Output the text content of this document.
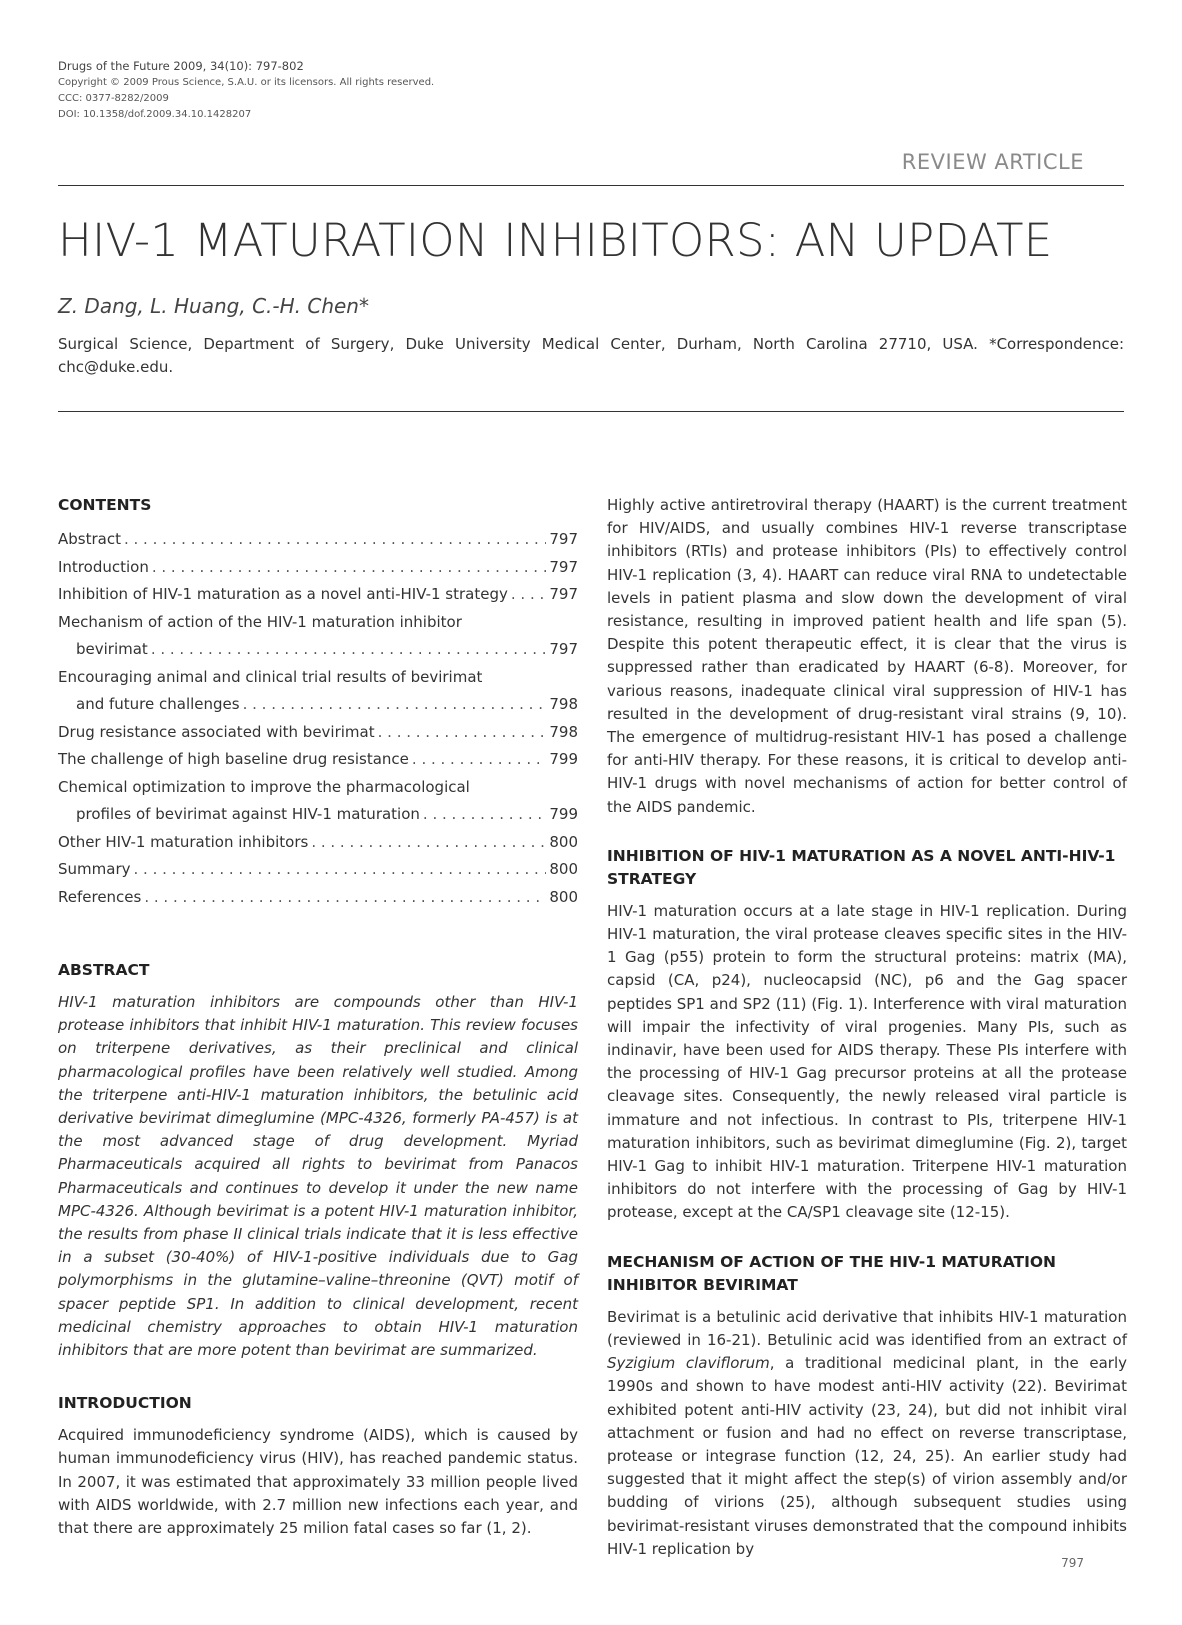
Drugs of the Future 2009, 34(10): 797-802
Copyright © 2009 Prous Science, S.A.U. or its licensors. All rights reserved.
CCC: 0377-8282/2009
DOI: 10.1358/dof.2009.34.10.1428207
REVIEW ARTICLE
HIV-1 MATURATION INHIBITORS: AN UPDATE
Z. Dang, L. Huang, C.-H. Chen*
Surgical Science, Department of Surgery, Duke University Medical Center, Durham, North Carolina 27710, USA. *Correspondence: chc@duke.edu.
CONTENTS
Abstract . . .	797
Introduction . . .	797
Inhibition of HIV-1 maturation as a novel anti-HIV-1 strategy . . .	797
Mechanism of action of the HIV-1 maturation inhibitor
bevirimat . . .	797
Encouraging animal and clinical trial results of bevirimat
and future challenges . . .	798
Drug resistance associated with bevirimat . . .	798
The challenge of high baseline drug resistance . . .	799
Chemical optimization to improve the pharmacological
profiles of bevirimat against HIV-1 maturation . . .	799
Other HIV-1 maturation inhibitors . . .	800
Summary . . .	800
References . . .	800
ABSTRACT

HIV-1 maturation inhibitors are compounds other than HIV-1 protease inhibitors that inhibit HIV-1 maturation. This review focuses on triterpene derivatives, as their preclinical and clinical pharmacological profiles have been relatively well studied. Among the triterpene anti-HIV-1 maturation inhibitors, the betulinic acid derivative bevirimat dimeglumine (MPC-4326, formerly PA-457) is at the most advanced stage of drug development. Myriad Pharmaceuticals acquired all rights to bevirimat from Panacos Pharmaceuticals and continues to develop it under the new name MPC-4326. Although bevirimat is a potent HIV-1 maturation inhibitor, the results from phase II clinical trials indicate that it is less effective in a subset (30-40%) of HIV-1-positive individuals due to Gag polymorphisms in the glutamine–valine–threonine (QVT) motif of spacer peptide SP1. In addition to clinical development, recent medicinal chemistry approaches to obtain HIV-1 maturation inhibitors that are more potent than bevirimat are summarized.

INTRODUCTION

Acquired immunodeficiency syndrome (AIDS), which is caused by human immunodeficiency virus (HIV), has reached pandemic status. In 2007, it was estimated that approximately 33 million people lived with AIDS worldwide, with 2.7 million new infections each year, and that there are approximately 25 milion fatal cases so far (1, 2).

Highly active antiretroviral therapy (HAART) is the current treatment for HIV/AIDS, and usually combines HIV-1 reverse transcriptase inhibitors (RTIs) and protease inhibitors (PIs) to effectively control HIV-1 replication (3, 4). HAART can reduce viral RNA to undetectable levels in patient plasma and slow down the development of viral resistance, resulting in improved patient health and life span (5). Despite this potent therapeutic effect, it is clear that the virus is suppressed rather than eradicated by HAART (6-8). Moreover, for various reasons, inadequate clinical viral suppression of HIV-1 has resulted in the development of drug-resistant viral strains (9, 10). The emergence of multidrug-resistant HIV-1 has posed a challenge for anti-HIV therapy. For these reasons, it is critical to develop anti-HIV-1 drugs with novel mechanisms of action for better control of the AIDS pandemic.

INHIBITION OF HIV-1 MATURATION AS A NOVEL ANTI-HIV-1 STRATEGY

HIV-1 maturation occurs at a late stage in HIV-1 replication. During HIV-1 maturation, the viral protease cleaves specific sites in the HIV-1 Gag (p55) protein to form the structural proteins: matrix (MA), capsid (CA, p24), nucleocapsid (NC), p6 and the Gag spacer peptides SP1 and SP2 (11) (Fig. 1). Interference with viral maturation will impair the infectivity of viral progenies. Many PIs, such as indinavir, have been used for AIDS therapy. These PIs interfere with the processing of HIV-1 Gag precursor proteins at all the protease cleavage sites. Consequently, the newly released viral particle is immature and not infectious. In contrast to PIs, triterpene HIV-1 maturation inhibitors, such as bevirimat dimeglumine (Fig. 2), target HIV-1 Gag to inhibit HIV-1 maturation. Triterpene HIV-1 maturation inhibitors do not interfere with the processing of Gag by HIV-1 protease, except at the CA/SP1 cleavage site (12-15).

MECHANISM OF ACTION OF THE HIV-1 MATURATION INHIBITOR BEVIRIMAT

Bevirimat is a betulinic acid derivative that inhibits HIV-1 maturation (reviewed in 16-21). Betulinic acid was identified from an extract of Syzigium claviflorum, a traditional medicinal plant, in the early 1990s and shown to have modest anti-HIV activity (22). Bevirimat exhibited potent anti-HIV activity (23, 24), but did not inhibit viral attachment or fusion and had no effect on reverse transcriptase, protease or integrase function (12, 24, 25). An earlier study had suggested that it might affect the step(s) of virion assembly and/or budding of virions (25), although subsequent studies using bevirimat-resistant viruses demonstrated that the compound inhibits HIV-1 replication by

797
